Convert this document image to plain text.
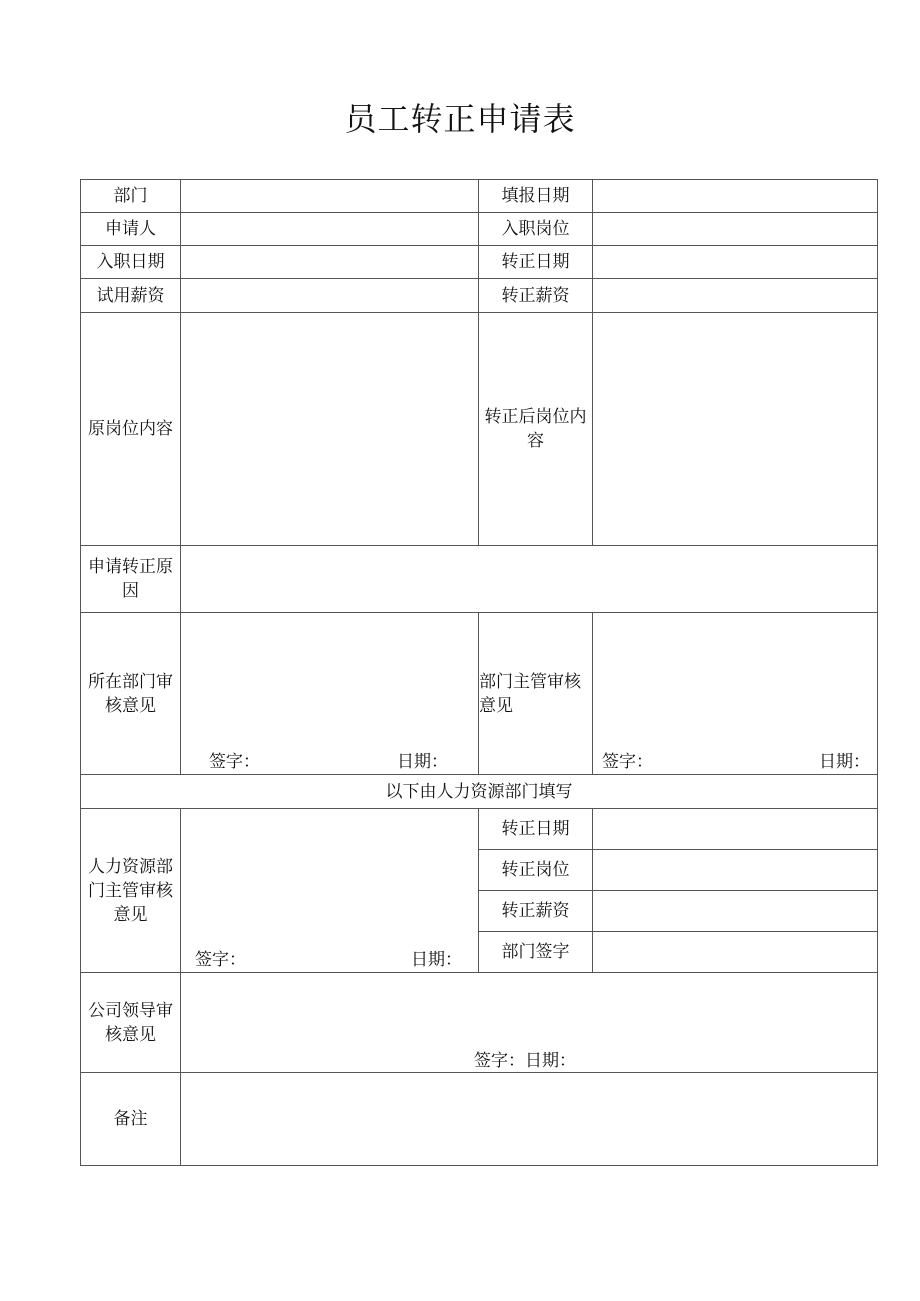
员工转正申请表
部门		填报日期	
申请人		入职岗位	
入职日期		转正日期	
试用薪资		转正薪资	
原岗位内容		转正后岗位内容	
申请转正原因			
所在部门审核意见	签字： 日期：	部门主管审核意见	签字： 日期：

以下由人力资源部门填写			
人力资源部门主管审核意见	签字： 日期：	转正日期	
		转正岗位	
		转正薪资	
		部门签字	
公司领导审核意见	签字：日期：		

备注			
